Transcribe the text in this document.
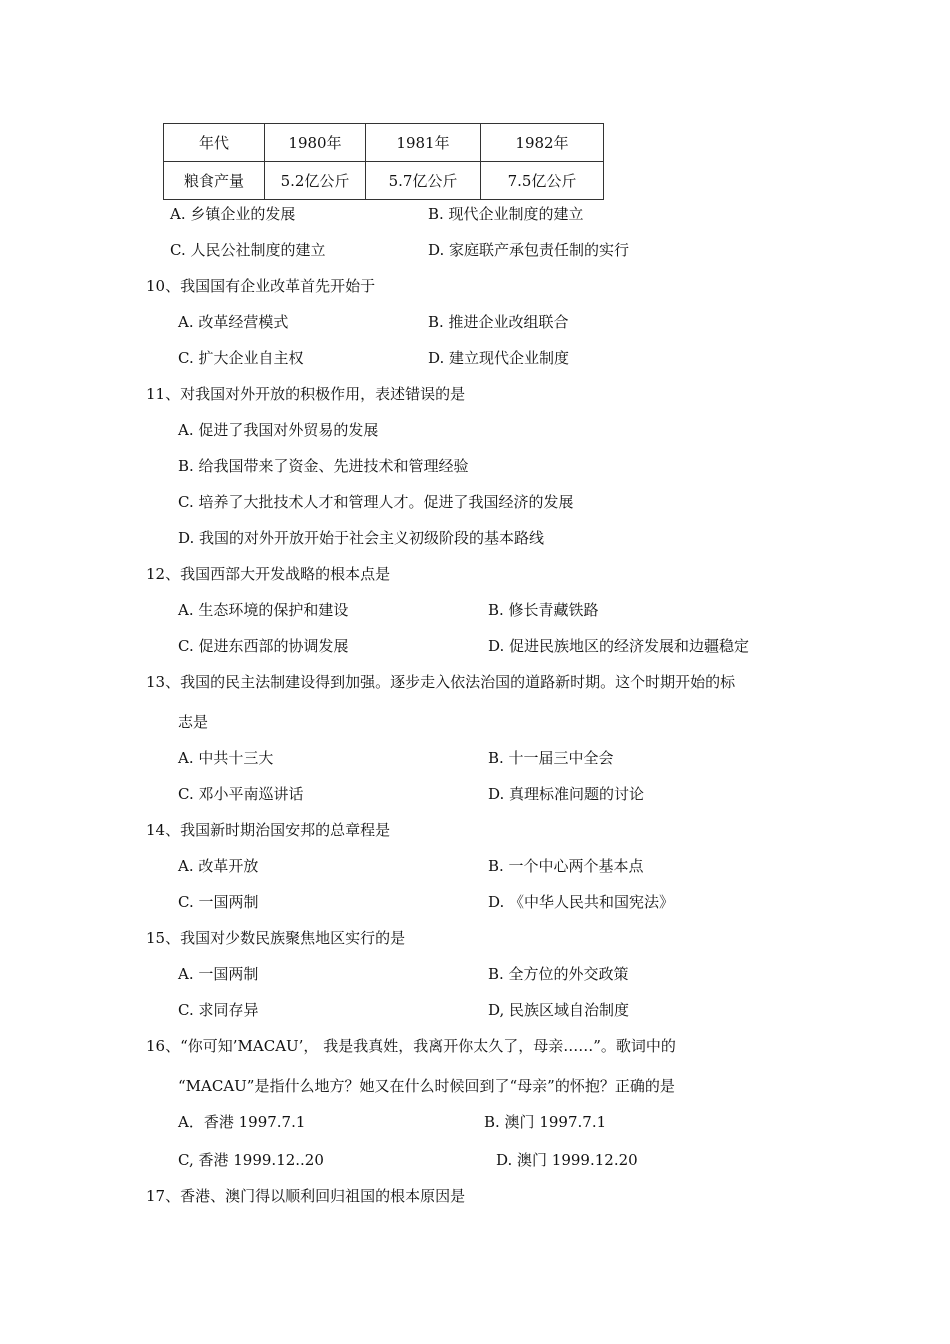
年代	1980年	1981年	1982年
粮食产量	5.2亿公斤	5.7亿公斤	7.5亿公斤
A. 乡镇企业的发展	B. 现代企业制度的建立
C. 人民公社制度的建立	D. 家庭联产承包责任制的实行
10、我国国有企业改革首先开始于
A. 改革经营模式	B. 推进企业改组联合
C. 扩大企业自主权	D. 建立现代企业制度
11、对我国对外开放的积极作用，表述错误的是
A. 促进了我国对外贸易的发展
B. 给我国带来了资金、先进技术和管理经验
C. 培养了大批技术人才和管理人才。促进了我国经济的发展
D. 我国的对外开放开始于社会主义初级阶段的基本路线
12、我国西部大开发战略的根本点是
A. 生态环境的保护和建设	B. 修长青藏铁路
C. 促进东西部的协调发展	D. 促进民族地区的经济发展和边疆稳定
13、我国的民主法制建设得到加强。逐步走入依法治国的道路新时期。这个时期开始的标
志是
A. 中共十三大	B. 十一届三中全会
C. 邓小平南巡讲话	D. 真理标准问题的讨论
14、我国新时期治国安邦的总章程是
A. 改革开放	B. 一个中心两个基本点
C. 一国两制	D. 《中华人民共和国宪法》
15、我国对少数民族聚焦地区实行的是
A. 一国两制	B. 全方位的外交政策
C. 求同存异	D, 民族区域自治制度
16、“你可知’MACAU’， 我是我真姓，我离开你太久了，母亲……”。歌词中的
“MACAU”是指什么地方？她又在什么时候回到了“母亲”的怀抱？正确的是
A．香港 1997.7.1	B. 澳门 1997.7.1
C, 香港 1999.12..20	D. 澳门 1999.12.20
17、香港、澳门得以顺利回归祖国的根本原因是
